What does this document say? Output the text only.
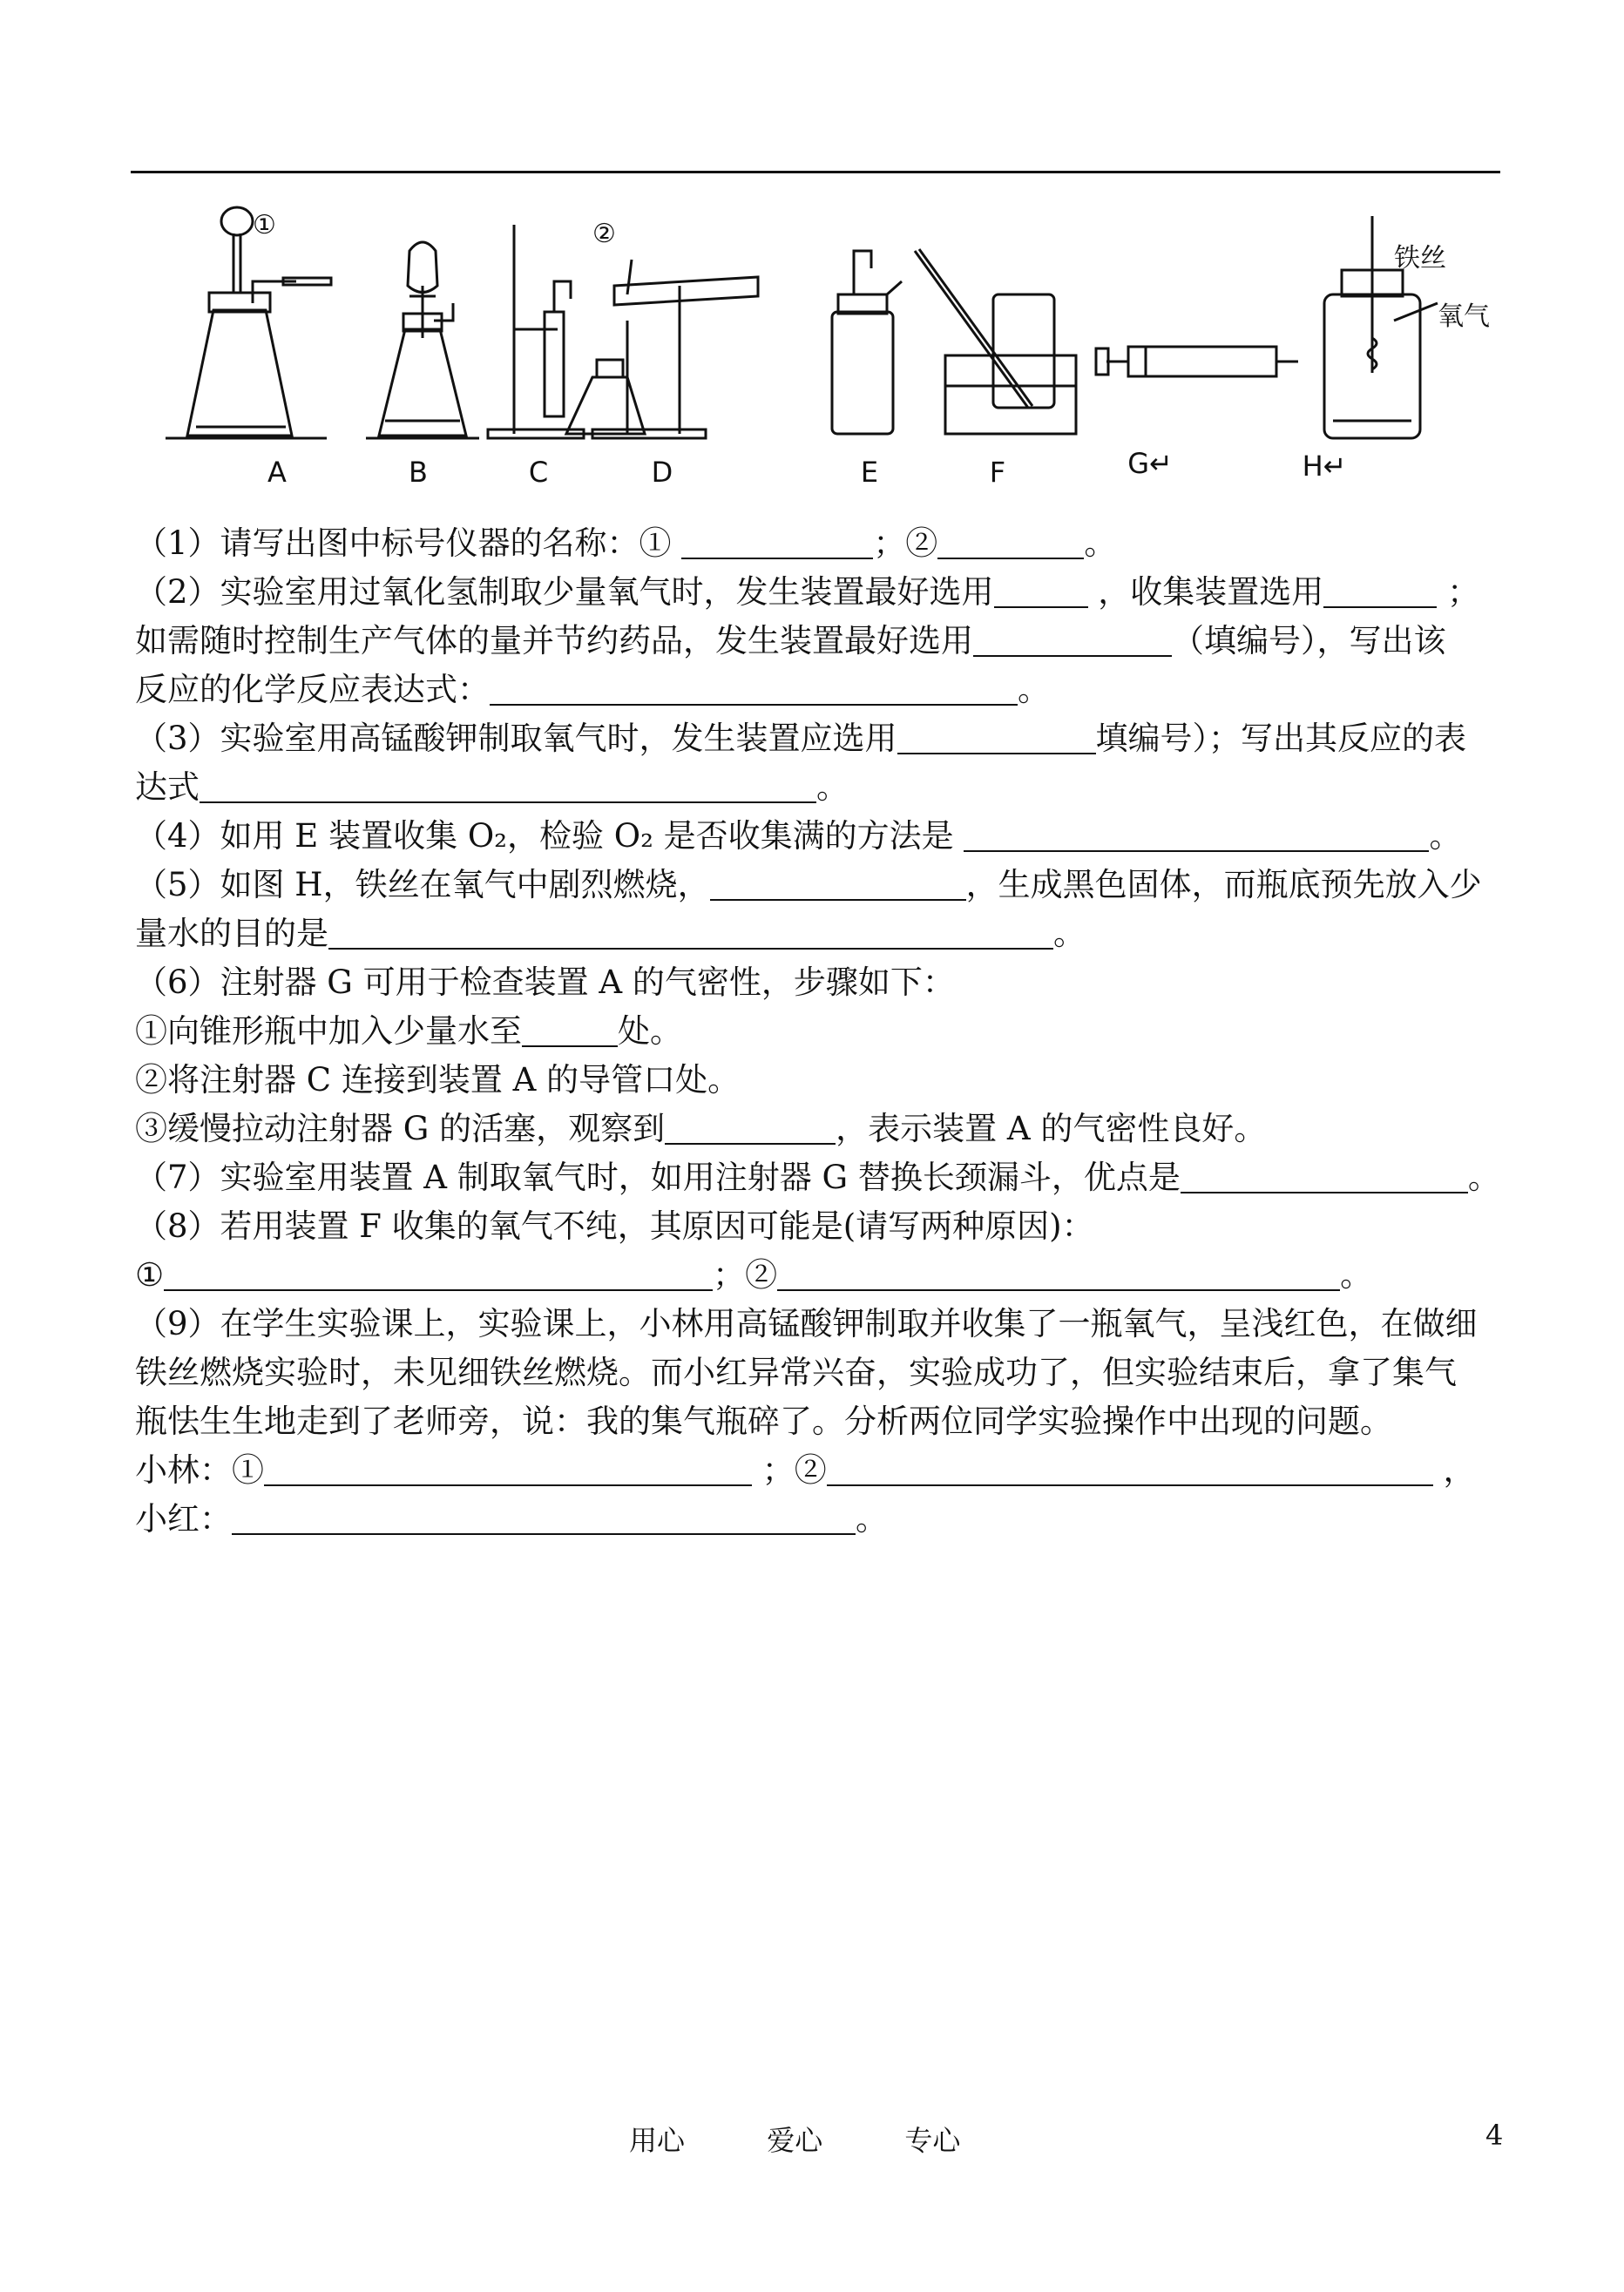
A	B	C	D	E	F	G↵	H↵
①	②
铁丝
氧气
（1）请写出图中标号仪器的名称：①	；②	。
（2）实验室用过氧化氢制取少量氧气时，发生装置最好选用	，收集装置选用	；
如需随时控制生产气体的量并节约药品，发生装置最好选用	（填编号），写出该
反应的化学反应表达式：	。
（3）实验室用高锰酸钾制取氧气时，发生装置应选用	填编号）；写出其反应的表
达式	。
（4）如用 E 装置收集 O₂，检验 O₂ 是否收集满的方法是	。
（5）如图 H，铁丝在氧气中剧烈燃烧，	，生成黑色固体，而瓶底预先放入少
量水的目的是	。
（6）注射器 G 可用于检查装置 A 的气密性，步骤如下：
①向锥形瓶中加入少量水至	处。
②将注射器 C 连接到装置 A 的导管口处。
③缓慢拉动注射器 G 的活塞，观察到	，表示装置 A 的气密性良好。
（7）实验室用装置 A 制取氧气时，如用注射器 G 替换长颈漏斗，优点是	。
（8）若用装置 F 收集的氧气不纯，其原因可能是(请写两种原因)：
①	；②	。
（9）在学生实验课上，实验课上，小林用高锰酸钾制取并收集了一瓶氧气，呈浅红色，在做细
铁丝燃烧实验时，未见细铁丝燃烧。而小红异常兴奋，实验成功了，但实验结束后，拿了集气
瓶怯生生地走到了老师旁，说：我的集气瓶碎了。分析两位同学实验操作中出现的问题。
小林：①	；②	，
小红：	。
用心	爱心	专心	4
